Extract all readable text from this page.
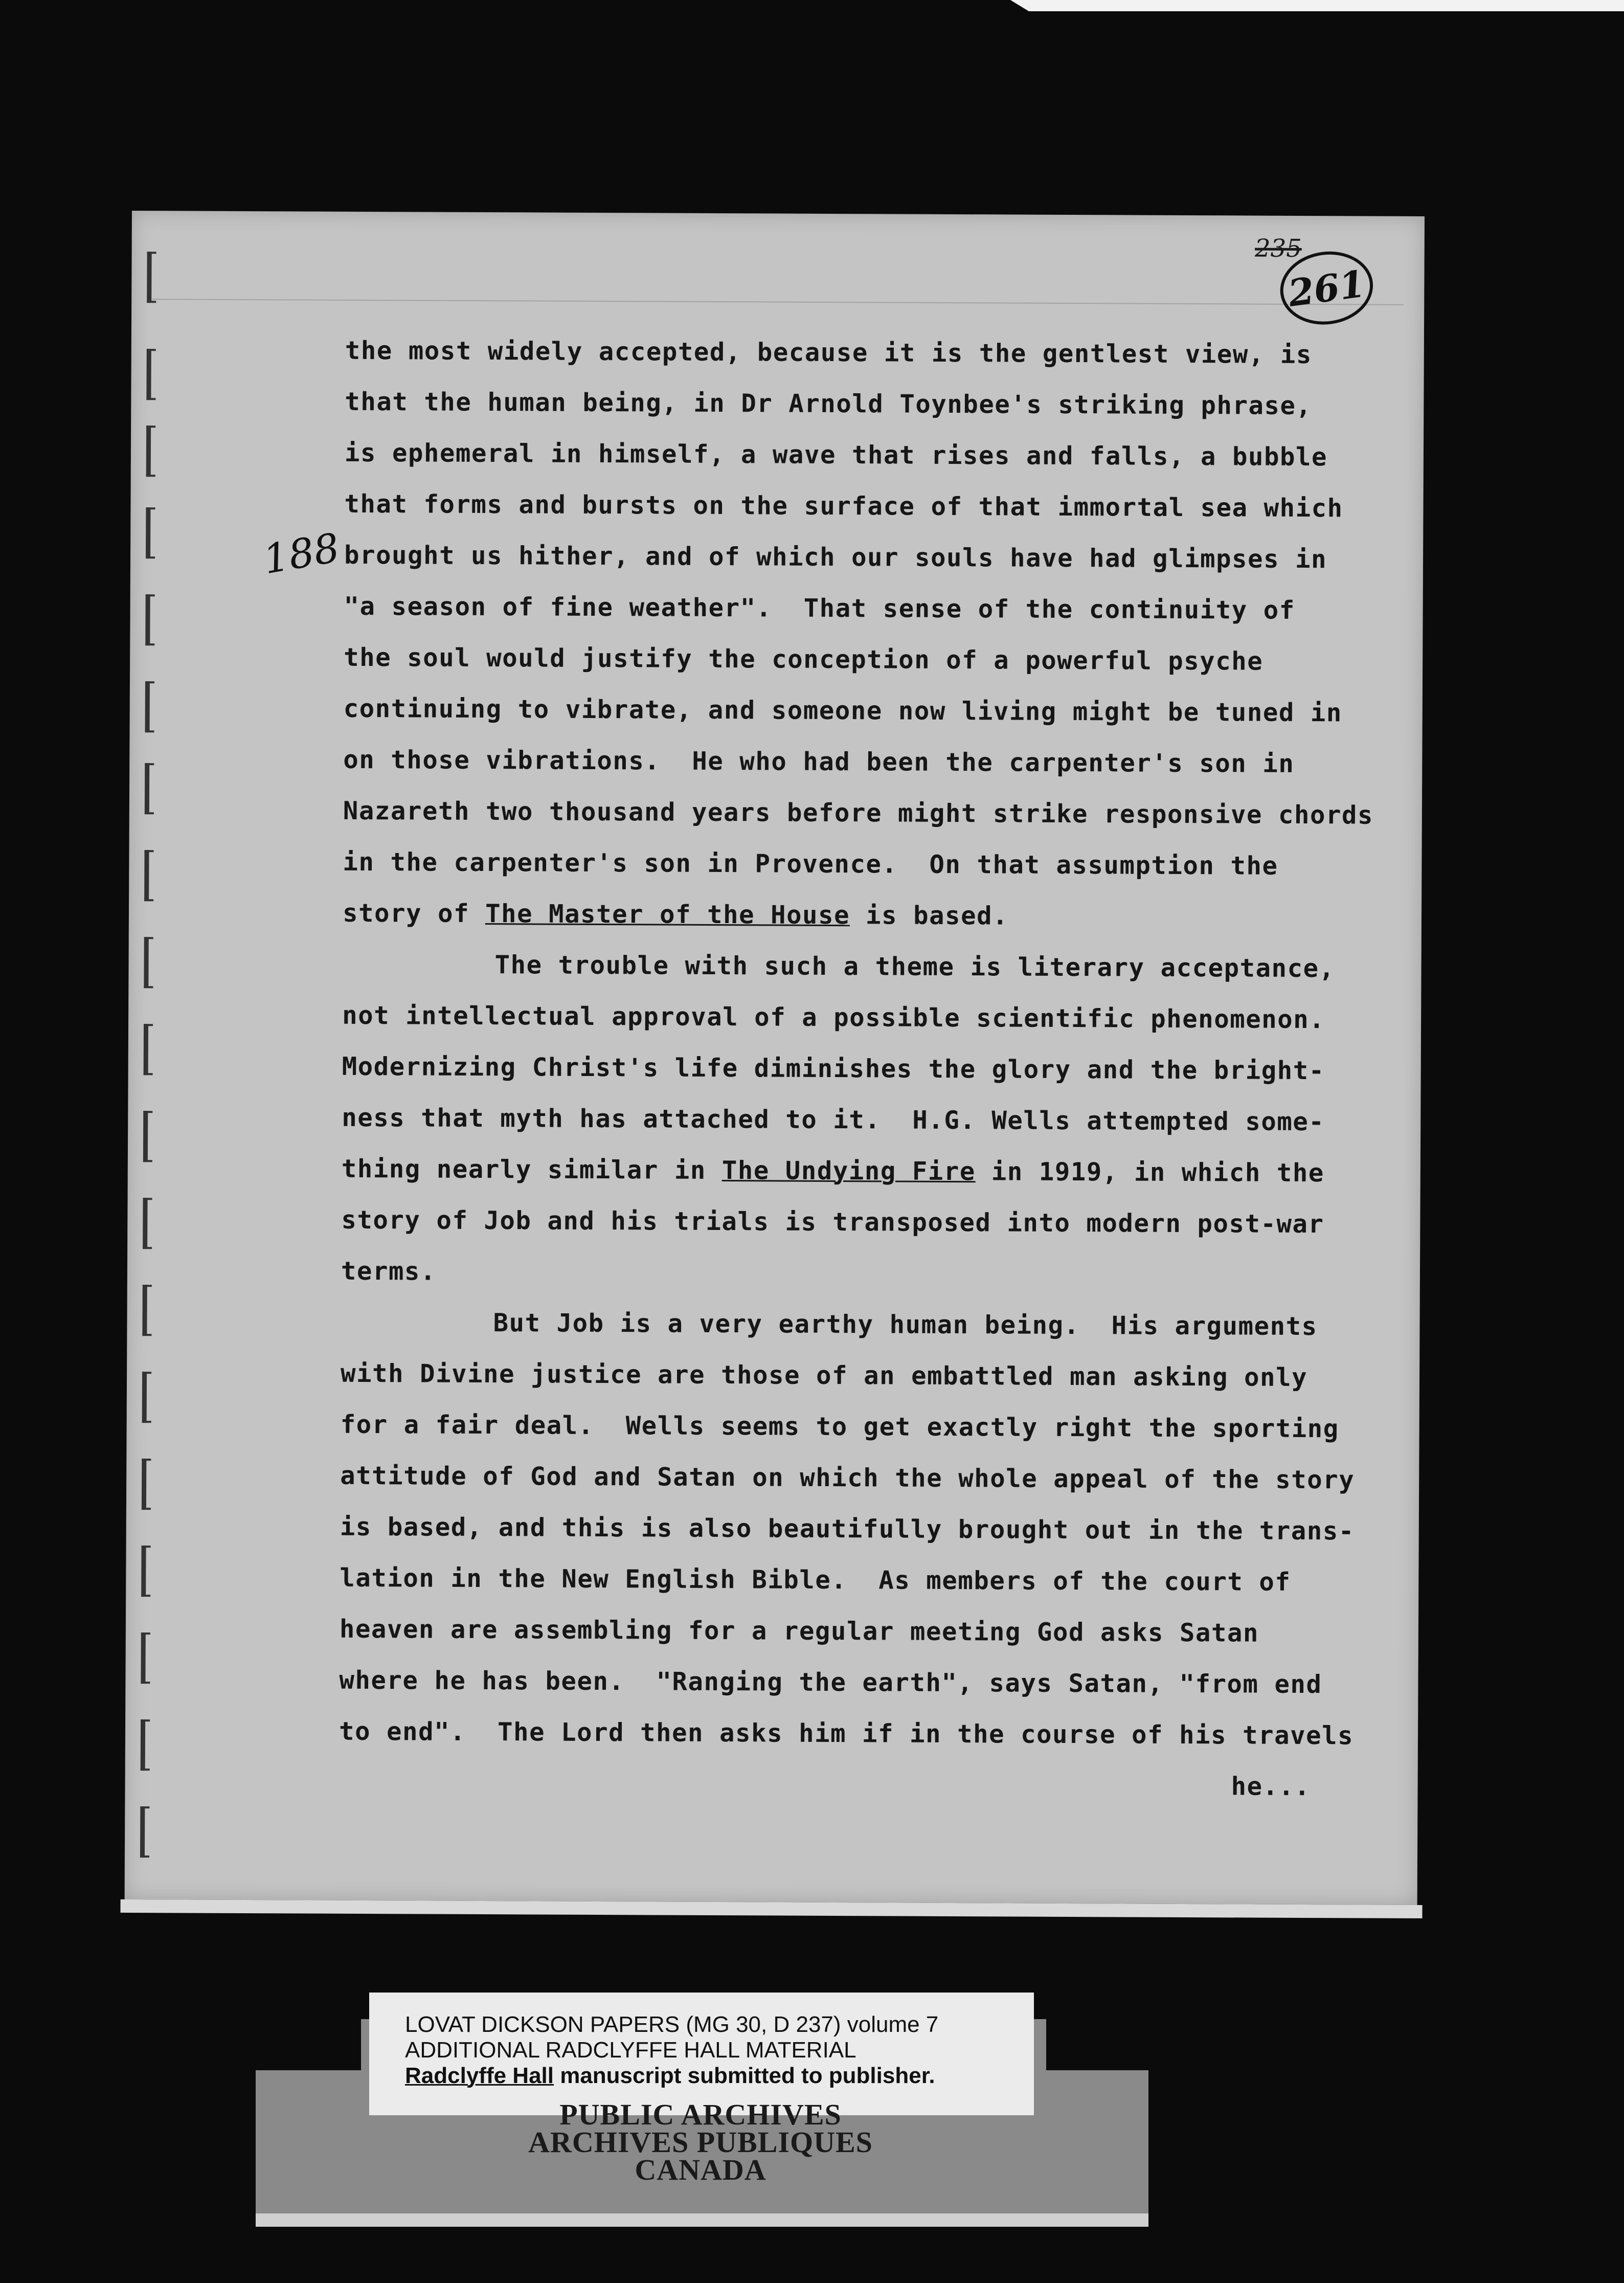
235
261
188
the most widely accepted, because it is the gentlest view, is
that the human being, in Dr Arnold Toynbee's striking phrase,
is ephemeral in himself, a wave that rises and falls, a bubble
that forms and bursts on the surface of that immortal sea which
brought us hither, and of which our souls have had glimpses in
"a season of fine weather".  That sense of the continuity of
the soul would justify the conception of a powerful psyche
continuing to vibrate, and someone now living might be tuned in
on those vibrations.  He who had been the carpenter's son in
Nazareth two thousand years before might strike responsive chords
in the carpenter's son in Provence.  On that assumption the
story of The Master of the House is based.
The trouble with such a theme is literary acceptance,
not intellectual approval of a possible scientific phenomenon.
Modernizing Christ's life diminishes the glory and the bright-
ness that myth has attached to it.  H.G. Wells attempted some-
thing nearly similar in The Undying Fire in 1919, in which the
story of Job and his trials is transposed into modern post-war
terms.
But Job is a very earthy human being.  His arguments
with Divine justice are those of an embattled man asking only
for a fair deal.  Wells seems to get exactly right the sporting
attitude of God and Satan on which the whole appeal of the story
is based, and this is also beautifully brought out in the trans-
lation in the New English Bible.  As members of the court of
heaven are assembling for a regular meeting God asks Satan
where he has been.  "Ranging the earth", says Satan, "from end
to end".  The Lord then asks him if in the course of his travels
he...
LOVAT DICKSON PAPERS (MG 30, D 237) volume 7
ADDITIONAL RADCLYFFE HALL MATERIAL
Radclyffe Hall manuscript submitted to publisher.
PUBLIC ARCHIVES
ARCHIVES PUBLIQUES
CANADA
